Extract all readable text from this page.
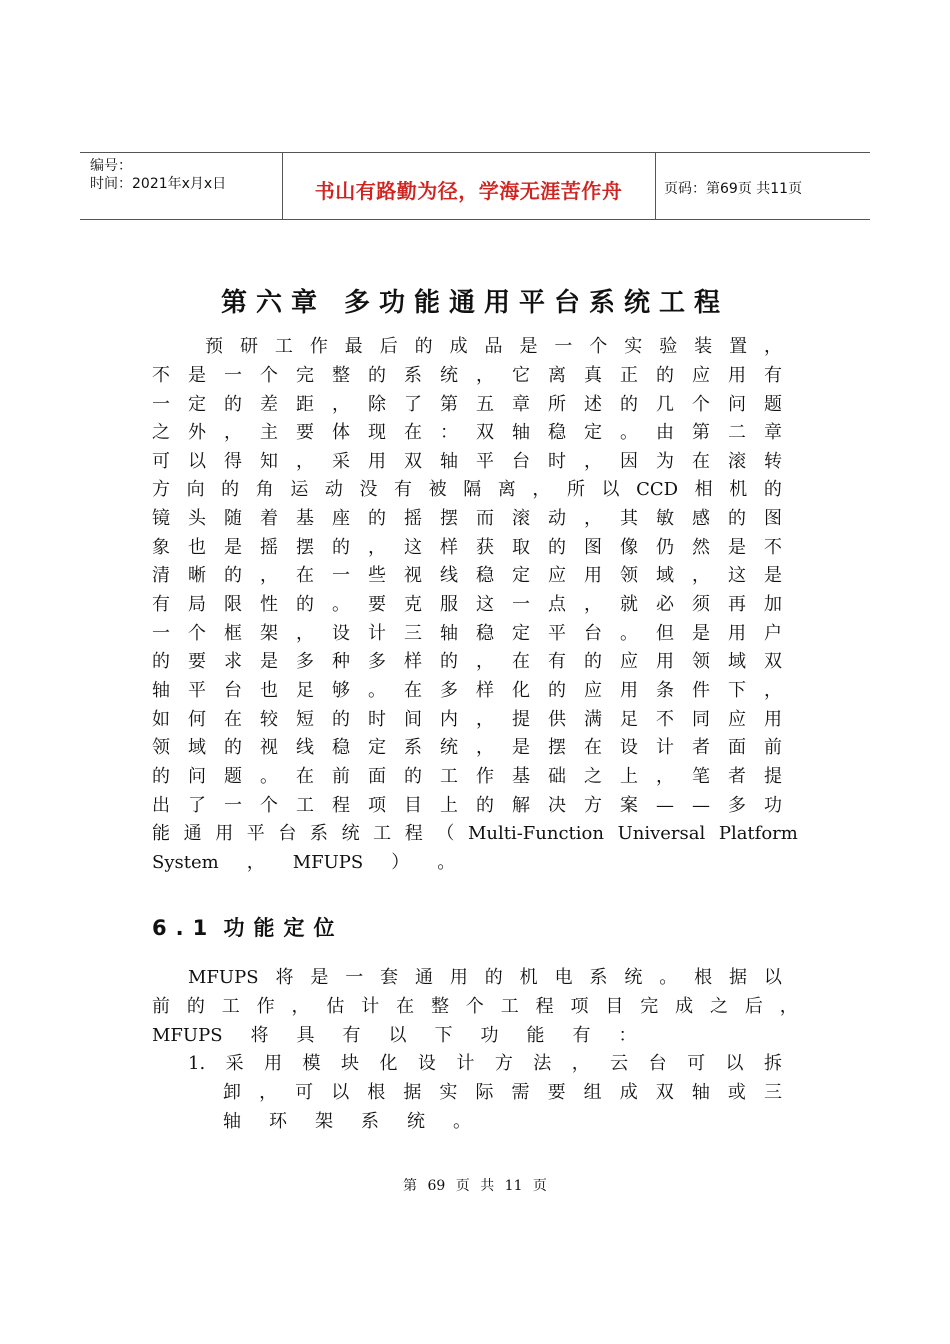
编号：
时间：2021年x月x日	书山有路勤为径，学海无涯苦作舟	页码：第69页 共11页
第六章 多功能通用平台系统工程
预 研 工 作 最 后 的 成 品 是 一 个 实 验 装 置 ，
不 是 一 个 完 整 的 系 统 ， 它 离 真 正 的 应 用 有
一 定 的 差 距 ， 除 了 第 五 章 所 述 的 几 个 问 题
之 外 ， 主 要 体 现 在 ： 双 轴 稳 定 。 由 第 二 章
可 以 得 知 ， 采 用 双 轴 平 台 时 ， 因 为 在 滚 转
方 向 的 角 运 动 没 有 被 隔 离 ， 所 以 CCD 相 机 的
镜 头 随 着 基 座 的 摇 摆 而 滚 动 ， 其 敏 感 的 图
象 也 是 摇 摆 的 ， 这 样 获 取 的 图 像 仍 然 是 不
清 晰 的 ， 在 一 些 视 线 稳 定 应 用 领 域 ， 这 是
有 局 限 性 的 。 要 克 服 这 一 点 ， 就 必 须 再 加
一 个 框 架 ， 设 计 三 轴 稳 定 平 台 。 但 是 用 户
的 要 求 是 多 种 多 样 的 ， 在 有 的 应 用 领 域 双
轴 平 台 也 足 够 。 在 多 样 化 的 应 用 条 件 下 ，
如 何 在 较 短 的 时 间 内 ， 提 供 满 足 不 同 应 用
领 域 的 视 线 稳 定 系 统 ， 是 摆 在 设 计 者 面 前
的 问 题 。 在 前 面 的 工 作 基 础 之 上 ， 笔 者 提
出 了 一 个 工 程 项 目 上 的 解 决 方 案 — — 多 功
能 通 用 平 台 系 统 工 程 （ Multi-Function Universal Platform
System ， MFUPS ） 。
6.1 功能定位
MFUPS 将 是 一 套 通 用 的 机 电 系 统 。 根 据 以
前 的 工 作 ， 估 计 在 整 个 工 程 项 目 完 成 之 后 ，
MFUPS 将 具 有 以 下 功 能 有 ：
1. 采 用 模 块 化 设 计 方 法 ， 云 台 可 以 拆
卸 ， 可 以 根 据 实 际 需 要 组 成 双 轴 或 三
轴 环 架 系 统 。
第 69 页 共 11 页
